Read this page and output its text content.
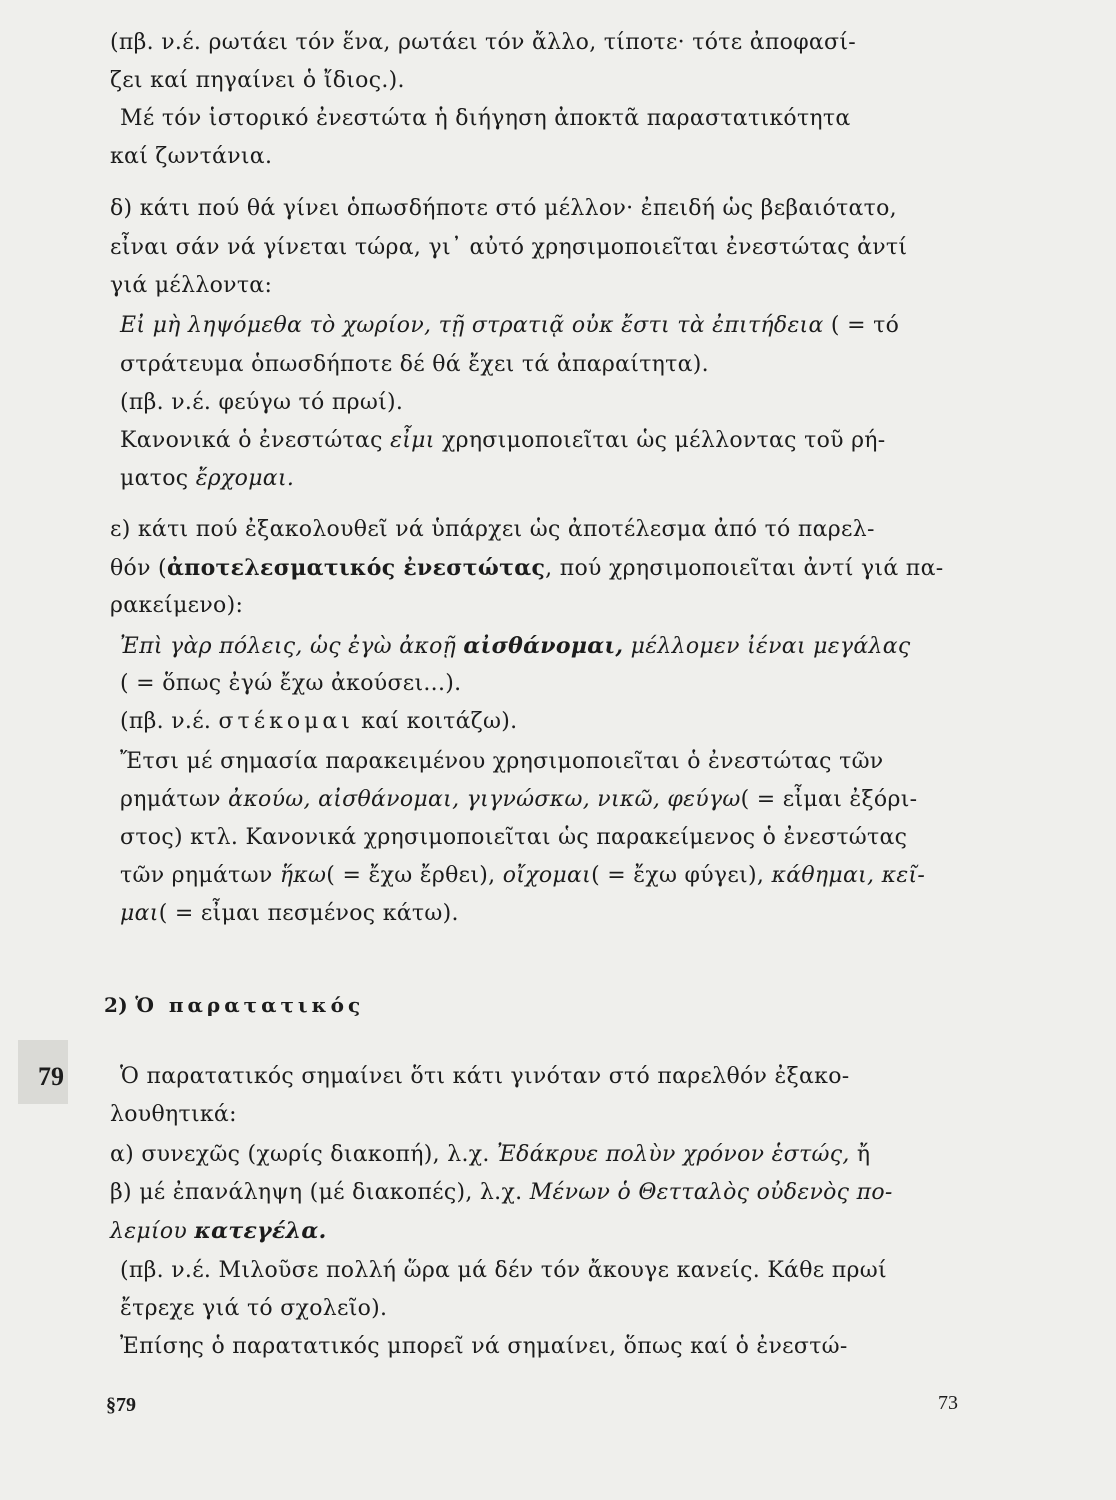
(πβ. ν.έ. ρωτάει τόν ἕνα, ρωτάει τόν ἄλλο, τίποτε· τότε ἀποφασί-
ζει καί πηγαίνει ὁ ἴδιος.).
Μέ τόν ἱστορικό ἐνεστώτα ἡ διήγηση ἀποκτᾶ παραστατικότητα
καί ζωντάνια.
δ) κάτι πού θά γίνει ὁπωσδήποτε στό μέλλον· ἐπειδή ὡς βεβαιότατο,
εἶναι σάν νά γίνεται τώρα, γι᾿ αὐτό χρησιμοποιεῖται ἐνεστώτας ἀντί
γιά μέλλοντα:
Εἰ μὴ ληψόμεθα τὸ χωρίον, τῇ στρατιᾷ οὐκ ἔστι τὰ ἐπιτήδεια ( = τό
στράτευμα ὁπωσδήποτε δέ θά ἔχει τά ἀπαραίτητα).
(πβ. ν.έ. φεύγω τό πρωί).
Κανονικά ὁ ἐνεστώτας εἶμι χρησιμοποιεῖται ὡς μέλλοντας τοῦ ρή-
ματος ἔρχομαι.
ε) κάτι πού ἐξακολουθεῖ νά ὑπάρχει ὡς ἀποτέλεσμα ἀπό τό παρελ-
θόν (ἀποτελεσματικός ἐνεστώτας, πού χρησιμοποιεῖται ἀντί γιά πα-
ρακείμενο):
Ἐπὶ γὰρ πόλεις, ὡς ἐγὼ ἀκοῇ αἰσθάνομαι, μέλλομεν ἰέναι μεγάλας
( = ὅπως ἐγώ ἔχω ἀκούσει...).
(πβ. ν.έ. στέκομαι καί κοιτάζω).
Ἔτσι μέ σημασία παρακειμένου χρησιμοποιεῖται ὁ ἐνεστώτας τῶν
ρημάτων ἀκούω, αἰσθάνομαι, γιγνώσκω, νικῶ, φεύγω( = εἶμαι ἐξόρι-
στος) κτλ. Κανονικά χρησιμοποιεῖται ὡς παρακείμενος ὁ ἐνεστώτας
τῶν ρημάτων ἥκω( = ἔχω ἔρθει), οἴχομαι( = ἔχω φύγει), κάθημαι, κεῖ-
μαι( = εἶμαι πεσμένος κάτω).
2) Ὁ παρατατικός
79	Ὁ παρατατικός σημαίνει ὅτι κάτι γινόταν στό παρελθόν ἐξακο-
λουθητικά:
α) συνεχῶς (χωρίς διακοπή), λ.χ. Ἐδάκρυε πολὺν χρόνον ἑστώς, ἤ
β) μέ ἐπανάληψη (μέ διακοπές), λ.χ. Μένων ὁ Θετταλὸς οὐδενὸς πο-
λεμίου κατεγέλα.
(πβ. ν.έ. Μιλοῦσε πολλή ὥρα μά δέν τόν ἄκουγε κανείς. Κάθε πρωί
ἔτρεχε γιά τό σχολεῖο).
Ἐπίσης ὁ παρατατικός μπορεῖ νά σημαίνει, ὅπως καί ὁ ἐνεστώ-
§79	73
